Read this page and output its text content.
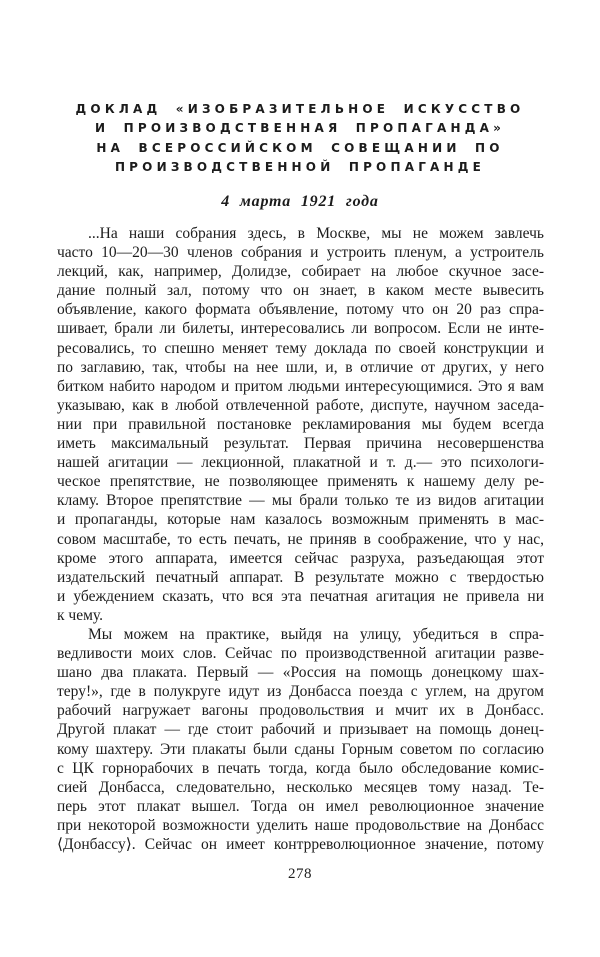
ДОКЛАД «ИЗОБРАЗИТЕЛЬНОЕ ИСКУССТВО
И ПРОИЗВОДСТВЕННАЯ ПРОПАГАНДА»
НА ВСЕРОССИЙСКОМ СОВЕЩАНИИ ПО
ПРОИЗВОДСТВЕННОЙ ПРОПАГАНДЕ
4 марта 1921 года
...На наши собрания здесь, в Москве, мы не можем завлечь
часто 10—20—30 членов собрания и устроить пленум, а устроитель
лекций, как, например, Долидзе, собирает на любое скучное засе-
дание полный зал, потому что он знает, в каком месте вывесить
объявление, какого формата объявление, потому что он 20 раз спра-
шивает, брали ли билеты, интересовались ли вопросом. Если не инте-
ресовались, то спешно меняет тему доклада по своей конструкции и
по заглавию, так, чтобы на нее шли, и, в отличие от других, у него
битком набито народом и притом людьми интересующимися. Это я вам
указываю, как в любой отвлеченной работе, диспуте, научном заседа-
нии при правильной постановке рекламирования мы будем всегда
иметь максимальный результат. Первая причина несовершенства
нашей агитации — лекционной, плакатной и т. д.— это психологи-
ческое препятствие, не позволяющее применять к нашему делу ре-
кламу. Второе препятствие — мы брали только те из видов агитации
и пропаганды, которые нам казалось возможным применять в мас-
совом масштабе, то есть печать, не приняв в соображение, что у нас,
кроме этого аппарата, имеется сейчас разруха, разъедающая этот
издательский печатный аппарат. В результате можно с твердостью
и убеждением сказать, что вся эта печатная агитация не привела ни
к чему.
Мы можем на практике, выйдя на улицу, убедиться в спра-
ведливости моих слов. Сейчас по производственной агитации разве-
шано два плаката. Первый — «Россия на помощь донецкому шах-
теру!», где в полукруге идут из Донбасса поезда с углем, на другом
рабочий нагружает вагоны продовольствия и мчит их в Донбасс.
Другой плакат — где стоит рабочий и призывает на помощь донец-
кому шахтеру. Эти плакаты были сданы Горным советом по согласию
с ЦК горнорабочих в печать тогда, когда было обследование комис-
сией Донбасса, следовательно, несколько месяцев тому назад. Те-
перь этот плакат вышел. Тогда он имел революционное значение
при некоторой возможности уделить наше продовольствие на Донбасс
⟨Донбассу⟩. Сейчас он имеет контрреволюционное значение, потому
278
